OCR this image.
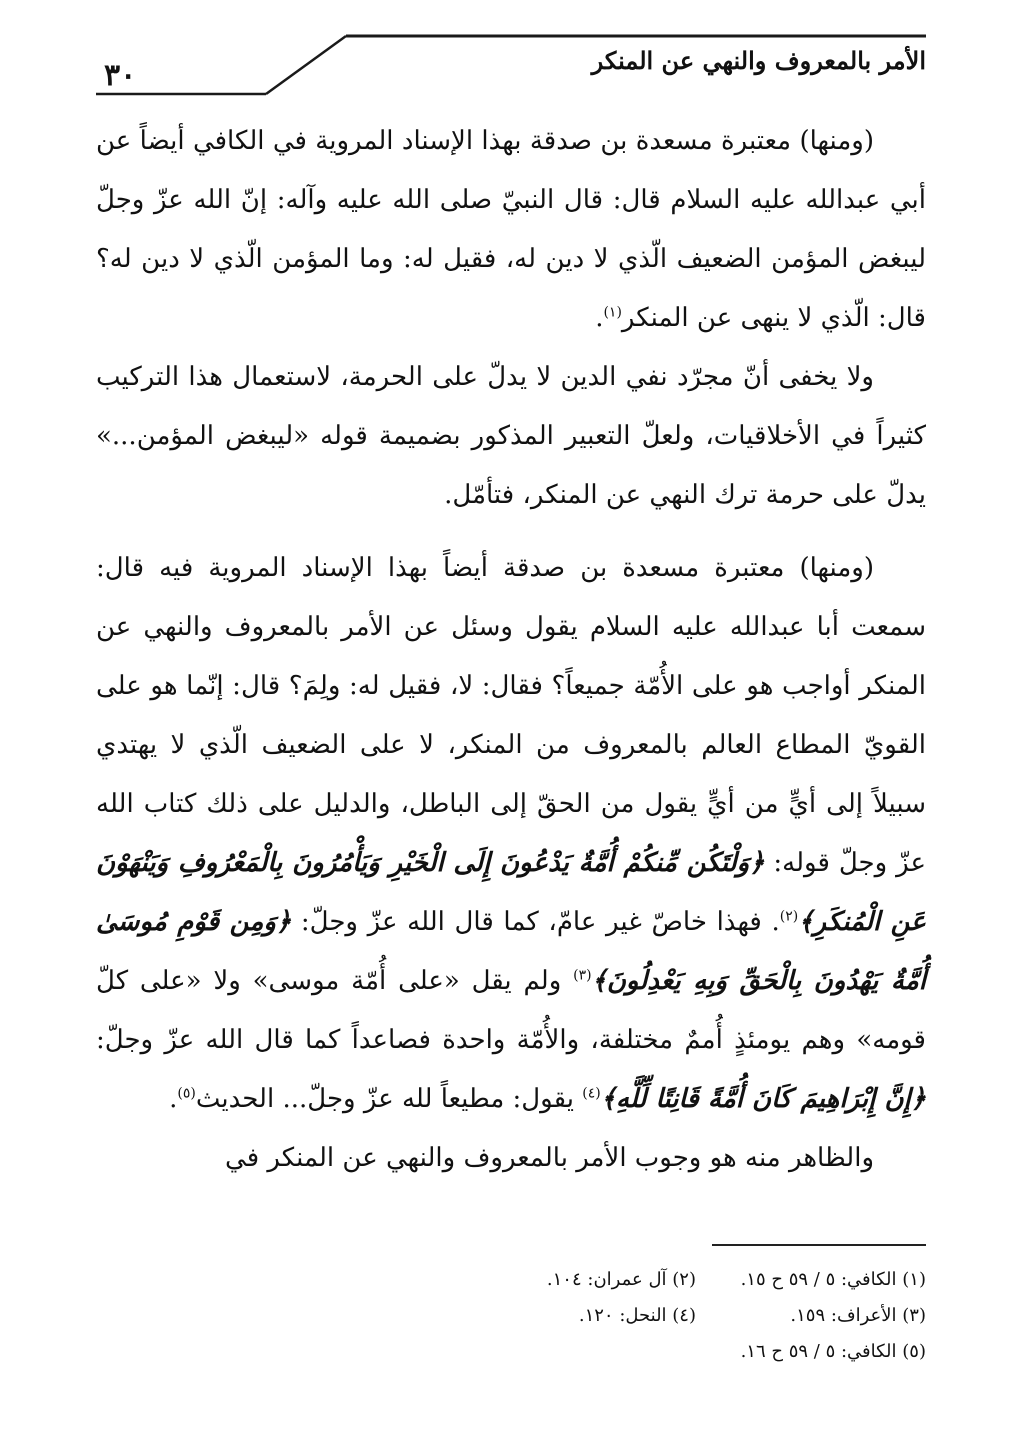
الأمر بالمعروف والنهي عن المنكر
٣٠

(ومنها) معتبرة مسعدة بن صدقة بهذا الإسناد المروية في الكافي أيضاً عن أبي عبدالله عليه السلام قال: قال النبيّ صلى الله عليه وآله: إنّ الله عزّ وجلّ ليبغض المؤمن الضعيف الّذي لا دين له، فقيل له: وما المؤمن الّذي لا دين له؟ قال: الّذي لا ينهى عن المنكر$^{(١)}$.

ولا يخفى أنّ مجرّد نفي الدين لا يدلّ على الحرمة، لاستعمال هذا التركيب كثيراً في الأخلاقيات، ولعلّ التعبير المذكور بضميمة قوله «ليبغض المؤمن...» يدلّ على حرمة ترك النهي عن المنكر، فتأمّل.

(ومنها) معتبرة مسعدة بن صدقة أيضاً بهذا الإسناد المروية فيه قال: سمعت أبا عبدالله عليه السلام يقول وسئل عن الأمر بالمعروف والنهي عن المنكر أواجب هو على الأُمّة جميعاً؟ فقال: لا، فقيل له: ولِمَ؟ قال: إنّما هو على القويّ المطاع العالم بالمعروف من المنكر، لا على الضعيف الّذي لا يهتدي سبيلاً إلى أيٍّ من أيٍّ يقول من الحقّ إلى الباطل، والدليل على ذلك كتاب الله عزّ وجلّ قوله: ﴿وَلْتَكُن مِّنكُمْ أُمَّةٌ يَدْعُونَ إِلَى الْخَيْرِ وَيَأْمُرُونَ بِالْمَعْرُوفِ وَيَنْهَوْنَ عَنِ الْمُنكَرِ﴾$^{(٢)}$. فهذا خاصّ غير عامّ، كما قال الله عزّ وجلّ: ﴿وَمِن قَوْمِ مُوسَىٰ أُمَّةٌ يَهْدُونَ بِالْحَقِّ وَبِهِ يَعْدِلُونَ﴾$^{(٣)}$ ولم يقل «على أُمّة موسى» ولا «على كلّ قومه» وهم يومئذٍ أُممٌ مختلفة، والأُمّة واحدة فصاعداً كما قال الله عزّ وجلّ: ﴿إِنَّ إِبْرَاهِيمَ كَانَ أُمَّةً قَانِتًا لِّلَّهِ﴾$^{(٤)}$ يقول: مطيعاً لله عزّ وجلّ... الحديث$^{(٥)}$.

والظاهر منه هو وجوب الأمر بالمعروف والنهي عن المنكر في

(١) الكافي: ٥ / ٥٩ ح ١٥.
(٢) آل عمران: ١٠٤.
(٣) الأعراف: ١٥٩.
(٤) النحل: ١٢٠.
(٥) الكافي: ٥ / ٥٩ ح ١٦.
